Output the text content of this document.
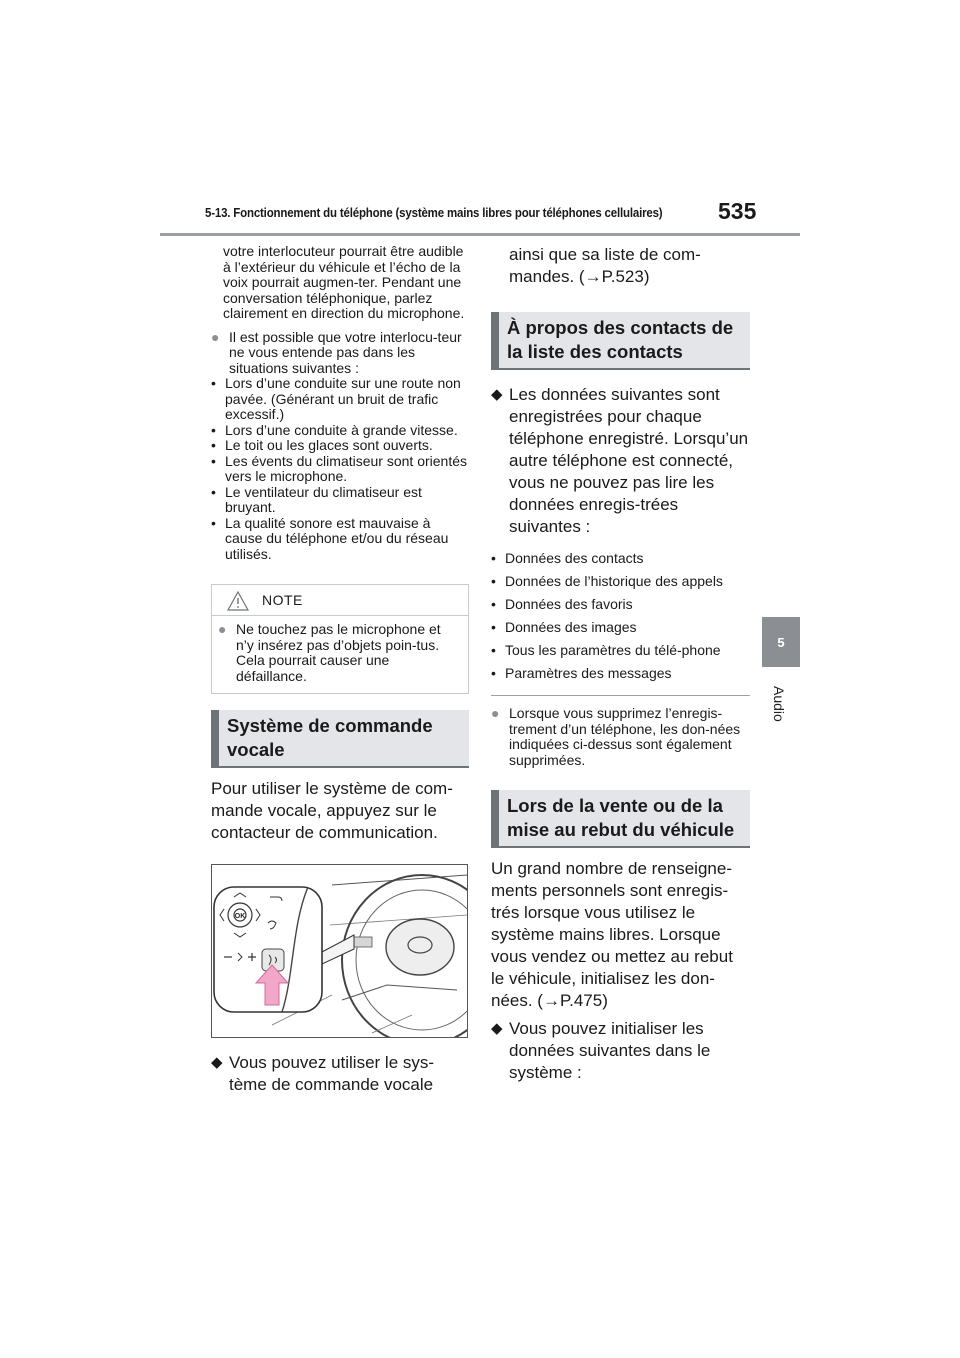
5-13. Fonctionnement du téléphone (système mains libres pour téléphones cellulaires)	535
5
Audio
votre interlocuteur pourrait être audible à l’extérieur du véhicule et l’écho de la voix pourrait augmen-ter. Pendant une conversation téléphonique, parlez clairement en direction du microphone.
● Il est possible que votre interlocu-teur ne vous entende pas dans les situations suivantes :
• Lors d’une conduite sur une route non pavée. (Générant un bruit de trafic excessif.)
• Lors d’une conduite à grande vitesse.
• Le toit ou les glaces sont ouverts.
• Les évents du climatiseur sont orientés vers le microphone.
• Le ventilateur du climatiseur est bruyant.
• La qualité sonore est mauvaise à cause du téléphone et/ou du réseau utilisés.
NOTE
● Ne touchez pas le microphone et n’y insérez pas d’objets poin-tus. Cela pourrait causer une défaillance.
Système de commande vocale
Pour utiliser le système de com-mande vocale, appuyez sur le contacteur de communication.
OK
◆ Vous pouvez utiliser le sys-tème de commande vocale
ainsi que sa liste de com-mandes. (→P.523)
À propos des contacts de la liste des contacts
◆ Les données suivantes sont enregistrées pour chaque téléphone enregistré. Lorsqu’un autre téléphone est connecté, vous ne pouvez pas lire les données enregis-trées suivantes :
• Données des contacts
• Données de l’historique des appels
• Données des favoris
• Données des images
• Tous les paramètres du télé-phone
• Paramètres des messages
● Lorsque vous supprimez l’enregis-trement d’un téléphone, les don-nées indiquées ci-dessus sont également supprimées.
Lors de la vente ou de la mise au rebut du véhicule
Un grand nombre de renseigne-ments personnels sont enregis-trés lorsque vous utilisez le système mains libres. Lorsque vous vendez ou mettez au rebut le véhicule, initialisez les don-nées. (→P.475)
◆ Vous pouvez initialiser les données suivantes dans le système :
